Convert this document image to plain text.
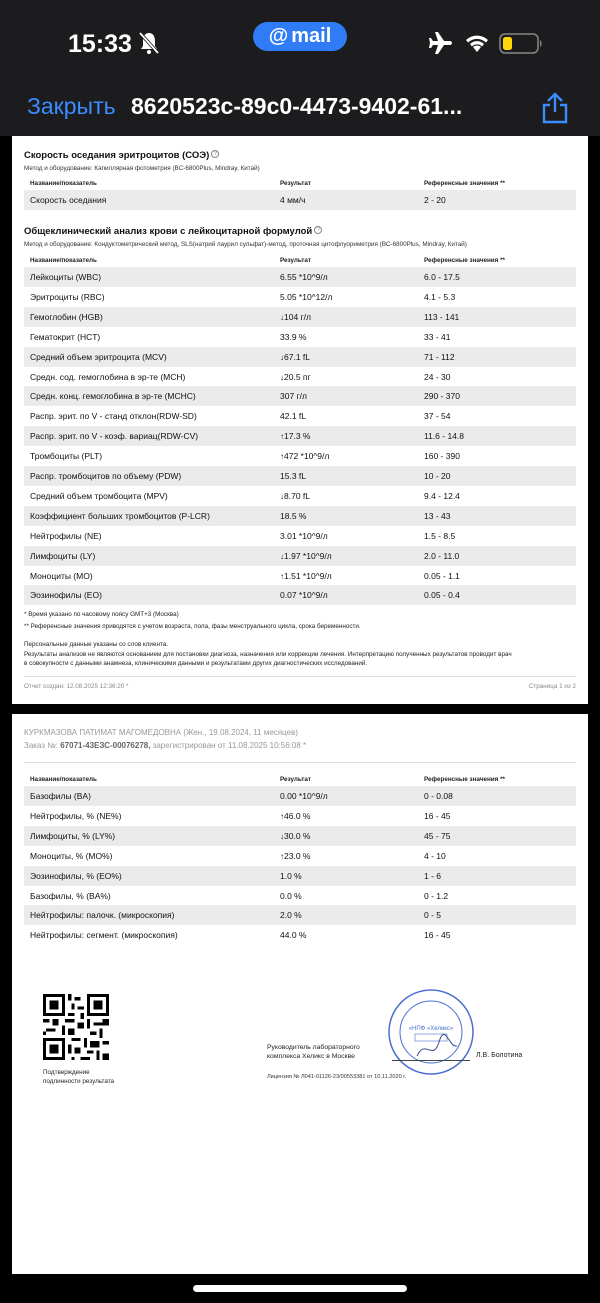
15:33	@ mail
Закрыть 8620523c-89c0-4473-9402-61...
Скорость оседания эритроцитов (СОЭ) ?
Метод и оборудование: Капиллярная фотометрия (BC-6800Plus, Mindray, Китай)
Название/показатель	Результат	Референсные значения **
Скорость оседания	4 мм/ч	2 - 20
Общеклинический анализ крови с лейкоцитарной формулой ?
Метод и оборудование: Кондуктометрический метод, SLS(натрий лаурил сульфат)-метод, проточная цитофлуориметрия (BC-6800Plus, Mindray, Китай)
Название/показатель	Результат	Референсные значения **
Лейкоциты (WBC)	6.55 *10^9/л	6.0 - 17.5
Эритроциты (RBC)	5.05 *10^12/л	4.1 - 5.3
Гемоглобин (HGB)	↓104 г/л	113 - 141
Гематокрит (HCT)	33.9 %	33 - 41
Средний объем эритроцита (MCV)	↓67.1 fL	71 - 112
Средн. сод. гемоглобина в эр-те (MCH)	↓20.5 пг	24 - 30
Средн. конц. гемоглобина в эр-те (MCHC)	307 г/л	290 - 370
Распр. эрит. по V - станд отклон(RDW-SD)	42.1 fL	37 - 54
Распр. эрит. по V - коэф. вариац(RDW-CV)	↑17.3 %	11.6 - 14.8
Тромбоциты (PLT)	↑472 *10^9/л	160 - 390
Распр. тромбоцитов по объему (PDW)	15.3 fL	10 - 20
Средний объем тромбоцита (MPV)	↓8.70 fL	9.4 - 12.4
Коэффициент больших тромбоцитов (P-LCR)	18.5 %	13 - 43
Нейтрофилы (NE)	3.01 *10^9/л	1.5 - 8.5
Лимфоциты (LY)	↓1.97 *10^9/л	2.0 - 11.0
Моноциты (MO)	↑1.51 *10^9/л	0.05 - 1.1
Эозинофилы (EO)	0.07 *10^9/л	0.05 - 0.4
* Время указано по часовому поясу GMT+3 (Москва)
** Референсные значения приводятся с учетом возраста, пола, фазы менструального цикла, срока беременности.
Персональные данные указаны со слов клиента.
Результаты анализов не являются основанием для постановки диагноза, назначения или коррекции лечения. Интерпретацию полученных результатов проводит врач
в совокупности с данными анамнеза, клиническими данными и результатами других диагностических исследований.
Отчет создан: 12.08.2025 12:36:20 *	Страница 1 из 2
КУРКМАЗОВА ПАТИМАТ МАГОМЕДОВНА (Жен., 19.08.2024, 11 месяцев)
Заказ №: 67071-43ЕЗС-00076278, зарегистрирован от 11.08.2025 10:56:08 *
Название/показатель	Результат	Референсные значения **
Базофилы (BA)	0.00 *10^9/л	0 - 0.08
Нейтрофилы, % (NE%)	↑46.0 %	16 - 45
Лимфоциты, % (LY%)	↓30.0 %	45 - 75
Моноциты, % (MO%)	↑23.0 %	4 - 10
Эозинофилы, % (EO%)	1.0 %	1 - 6
Базофилы, % (BA%)	0.0 %	0 - 1.2
Нейтрофилы: палочк. (микроскопия)	2.0 %	0 - 5
Нейтрофилы: сегмент. (микроскопия)	44.0 %	16 - 45
Подтверждение
подлинности результата
«НПФ «Хеликс»
Руководитель лабораторного
комплекса Хеликс в Москве	Л.В. Болотина
Лицензия № Л041-01126-23/00553381 от 10.11.2020 г.
